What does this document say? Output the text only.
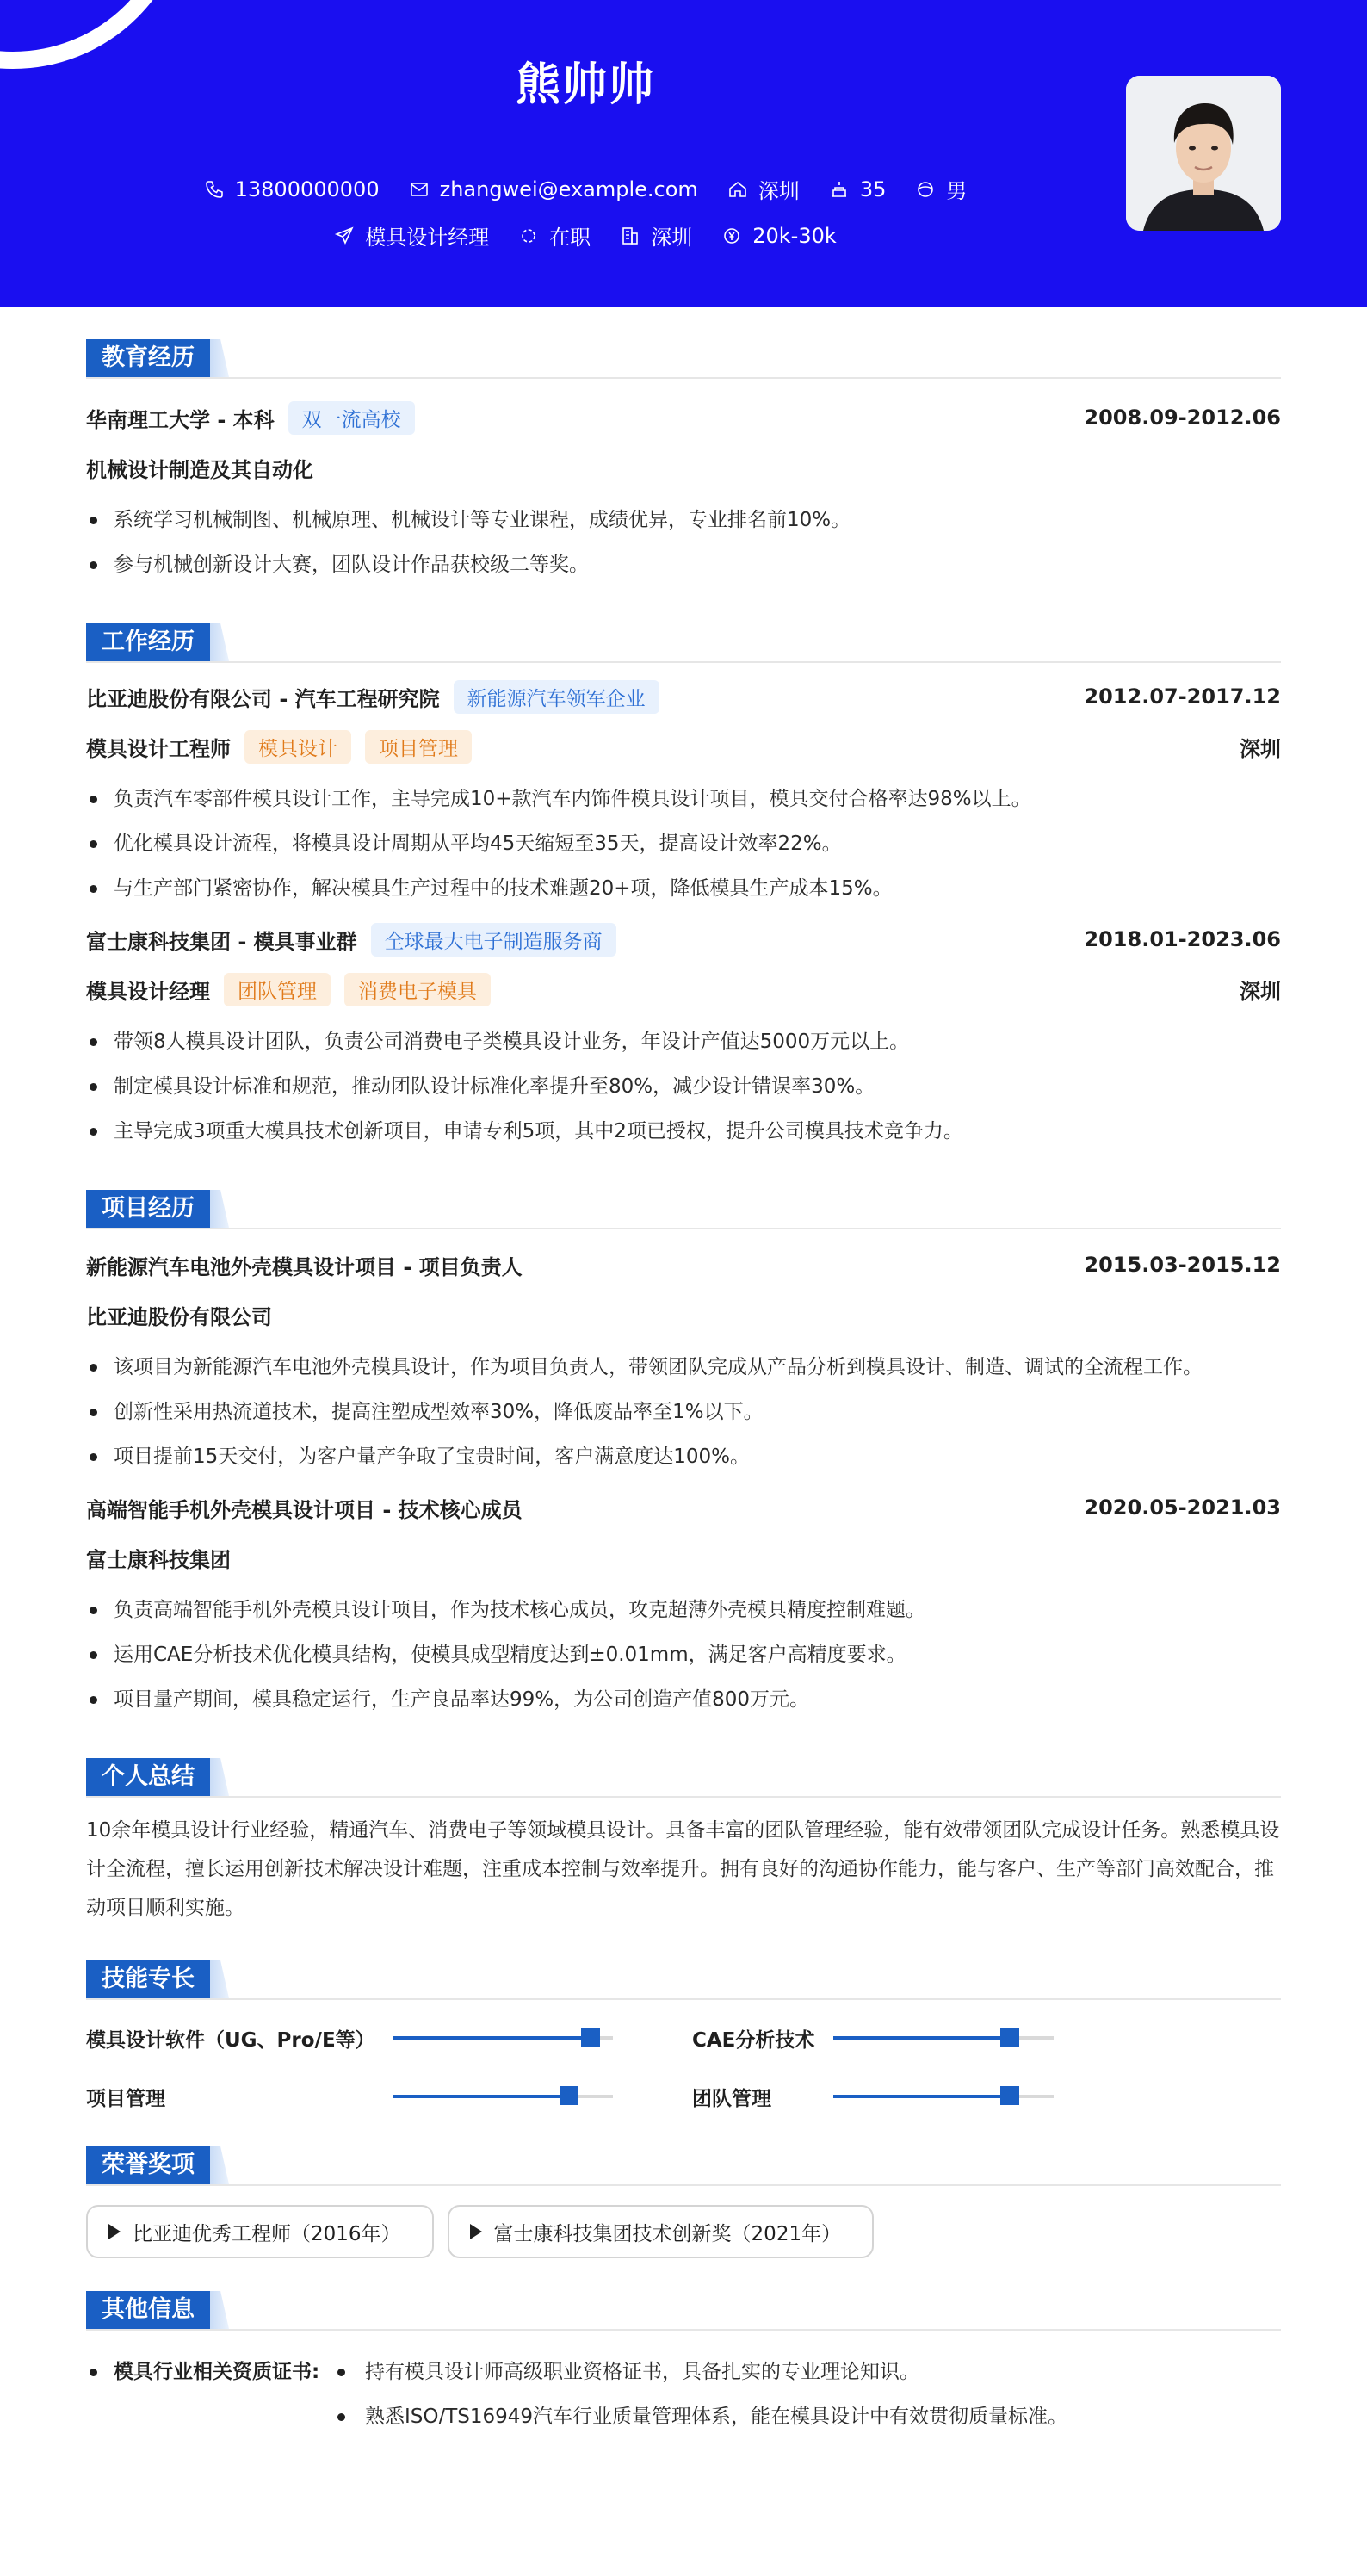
熊帅帅
13800000000	zhangwei@example.com	深圳	35	男
模具设计经理	在职	深圳	20k-30k
教育经历
华南理工大学 - 本科	双一流高校	2008.09-2012.06
机械设计制造及其自动化
系统学习机械制图、机械原理、机械设计等专业课程，成绩优异，专业排名前10%。
参与机械创新设计大赛，团队设计作品获校级二等奖。
工作经历
比亚迪股份有限公司 - 汽车工程研究院	新能源汽车领军企业	2012.07-2017.12
模具设计工程师	模具设计	项目管理	深圳
负责汽车零部件模具设计工作，主导完成10+款汽车内饰件模具设计项目，模具交付合格率达98%以上。
优化模具设计流程，将模具设计周期从平均45天缩短至35天，提高设计效率22%。
与生产部门紧密协作，解决模具生产过程中的技术难题20+项，降低模具生产成本15%。
富士康科技集团 - 模具事业群	全球最大电子制造服务商	2018.01-2023.06
模具设计经理	团队管理	消费电子模具	深圳
带领8人模具设计团队，负责公司消费电子类模具设计业务，年设计产值达5000万元以上。
制定模具设计标准和规范，推动团队设计标准化率提升至80%，减少设计错误率30%。
主导完成3项重大模具技术创新项目，申请专利5项，其中2项已授权，提升公司模具技术竞争力。
项目经历
新能源汽车电池外壳模具设计项目 - 项目负责人	2015.03-2015.12
比亚迪股份有限公司
该项目为新能源汽车电池外壳模具设计，作为项目负责人，带领团队完成从产品分析到模具设计、制造、调试的全流程工作。
创新性采用热流道技术，提高注塑成型效率30%，降低废品率至1%以下。
项目提前15天交付，为客户量产争取了宝贵时间，客户满意度达100%。
高端智能手机外壳模具设计项目 - 技术核心成员	2020.05-2021.03
富士康科技集团
负责高端智能手机外壳模具设计项目，作为技术核心成员，攻克超薄外壳模具精度控制难题。
运用CAE分析技术优化模具结构，使模具成型精度达到±0.01mm，满足客户高精度要求。
项目量产期间，模具稳定运行，生产良品率达99%，为公司创造产值800万元。
个人总结
10余年模具设计行业经验，精通汽车、消费电子等领域模具设计。具备丰富的团队管理经验，能有效带领团队完成设计任务。熟悉模具设计全流程，擅长运用创新技术解决设计难题，注重成本控制与效率提升。拥有良好的沟通协作能力，能与客户、生产等部门高效配合，推动项目顺利实施。
技能专长
模具设计软件（UG、Pro/E等）	CAE分析技术
项目管理	团队管理
荣誉奖项
比亚迪优秀工程师（2016年）	富士康科技集团技术创新奖（2021年）
其他信息
模具行业相关资质证书:	持有模具设计师高级职业资格证书，具备扎实的专业理论知识。
熟悉ISO/TS16949汽车行业质量管理体系，能在模具设计中有效贯彻质量标准。
